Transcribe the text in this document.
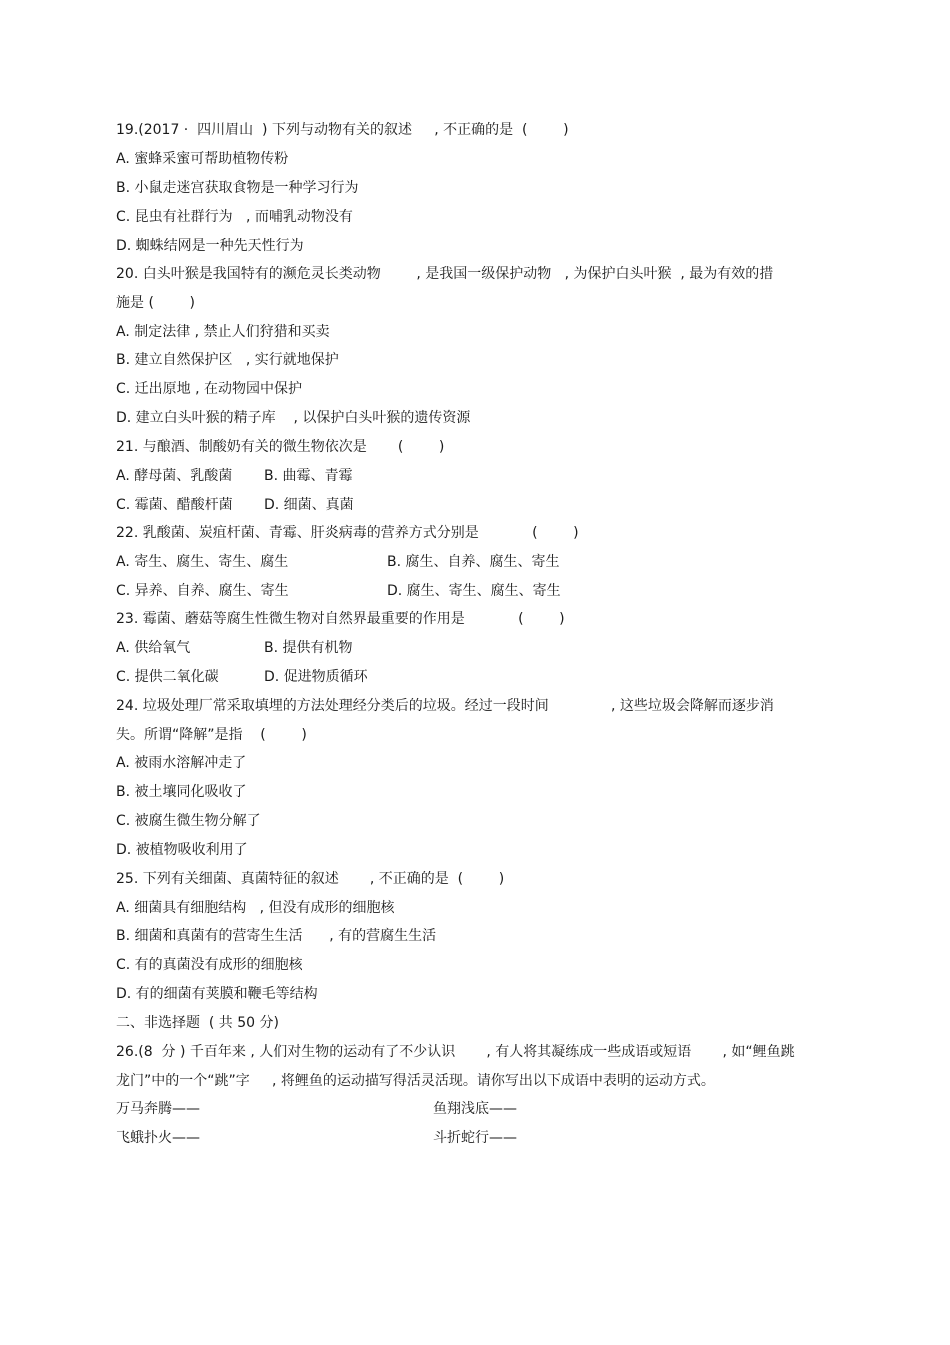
19.(2017 ·  四川眉山  ) 下列与动物有关的叙述     , 不正确的是  (        )
A. 蜜蜂采蜜可帮助植物传粉
B. 小鼠走迷宫获取食物是一种学习行为
C. 昆虫有社群行为   , 而哺乳动物没有
D. 蜘蛛结网是一种先天性行为
20. 白头叶猴是我国特有的濒危灵长类动物        , 是我国一级保护动物   , 为保护白头叶猴  , 最为有效的措
施是 (        )
A. 制定法律 , 禁止人们狩猎和买卖
B. 建立自然保护区   , 实行就地保护
C. 迁出原地 , 在动物园中保护
D. 建立白头叶猴的精子库    , 以保护白头叶猴的遗传资源
21. 与酿酒、制酸奶有关的微生物依次是       (        )
A. 酵母菌、乳酸菌 B. 曲霉、青霉
C. 霉菌、醋酸杆菌 D. 细菌、真菌
22. 乳酸菌、炭疽杆菌、青霉、肝炎病毒的营养方式分别是            (        )
A. 寄生、腐生、寄生、腐生	B. 腐生、自养、腐生、寄生
C. 异养、自养、腐生、寄生	D. 腐生、寄生、腐生、寄生
23. 霉菌、蘑菇等腐生性微生物对自然界最重要的作用是            (        )
A. 供给氧气	B. 提供有机物
C. 提供二氧化碳	D. 促进物质循环
24. 垃圾处理厂常采取填埋的方法处理经分类后的垃圾。经过一段时间              , 这些垃圾会降解而逐步消
失。所谓“降解”是指    (        )
A. 被雨水溶解冲走了
B. 被土壤同化吸收了
C. 被腐生微生物分解了
D. 被植物吸收利用了
25. 下列有关细菌、真菌特征的叙述       , 不正确的是  (        )
A. 细菌具有细胞结构   , 但没有成形的细胞核
B. 细菌和真菌有的营寄生生活      , 有的营腐生生活
C. 有的真菌没有成形的细胞核
D. 有的细菌有荚膜和鞭毛等结构
二、非选择题  ( 共 50 分)
26.(8  分 ) 千百年来 , 人们对生物的运动有了不少认识       , 有人将其凝练成一些成语或短语       , 如“鲤鱼跳
龙门”中的一个“跳”字     , 将鲤鱼的运动描写得活灵活现。请你写出以下成语中表明的运动方式。
万马奔腾——	鱼翔浅底——
飞蛾扑火——	斗折蛇行——
